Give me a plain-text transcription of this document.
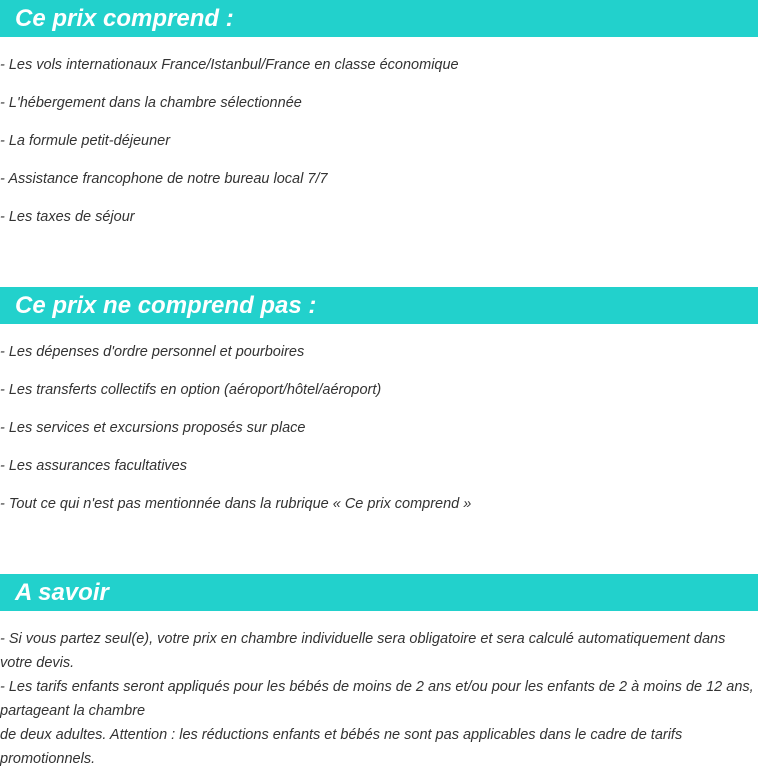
Ce prix comprend :
- Les vols internationaux France/Istanbul/France en classe économique
- L'hébergement dans la chambre sélectionnée
- La formule petit-déjeuner
- Assistance francophone de notre bureau local 7/7
- Les taxes de séjour
Ce prix ne comprend pas :
- Les dépenses d'ordre personnel et pourboires
- Les transferts collectifs en option (aéroport/hôtel/aéroport)
- Les services et excursions proposés sur place
- Les assurances facultatives
- Tout ce qui n'est pas mentionnée dans la rubrique « Ce prix comprend »
A savoir
- Si vous partez seul(e), votre prix en chambre individuelle sera obligatoire et sera calculé automatiquement dans votre devis.
- Les tarifs enfants seront appliqués pour les bébés de moins de 2 ans et/ou pour les enfants de 2 à moins de 12 ans, partageant la chambre
de deux adultes. Attention : les réductions enfants et bébés ne sont pas applicables dans le cadre de tarifs promotionnels.
